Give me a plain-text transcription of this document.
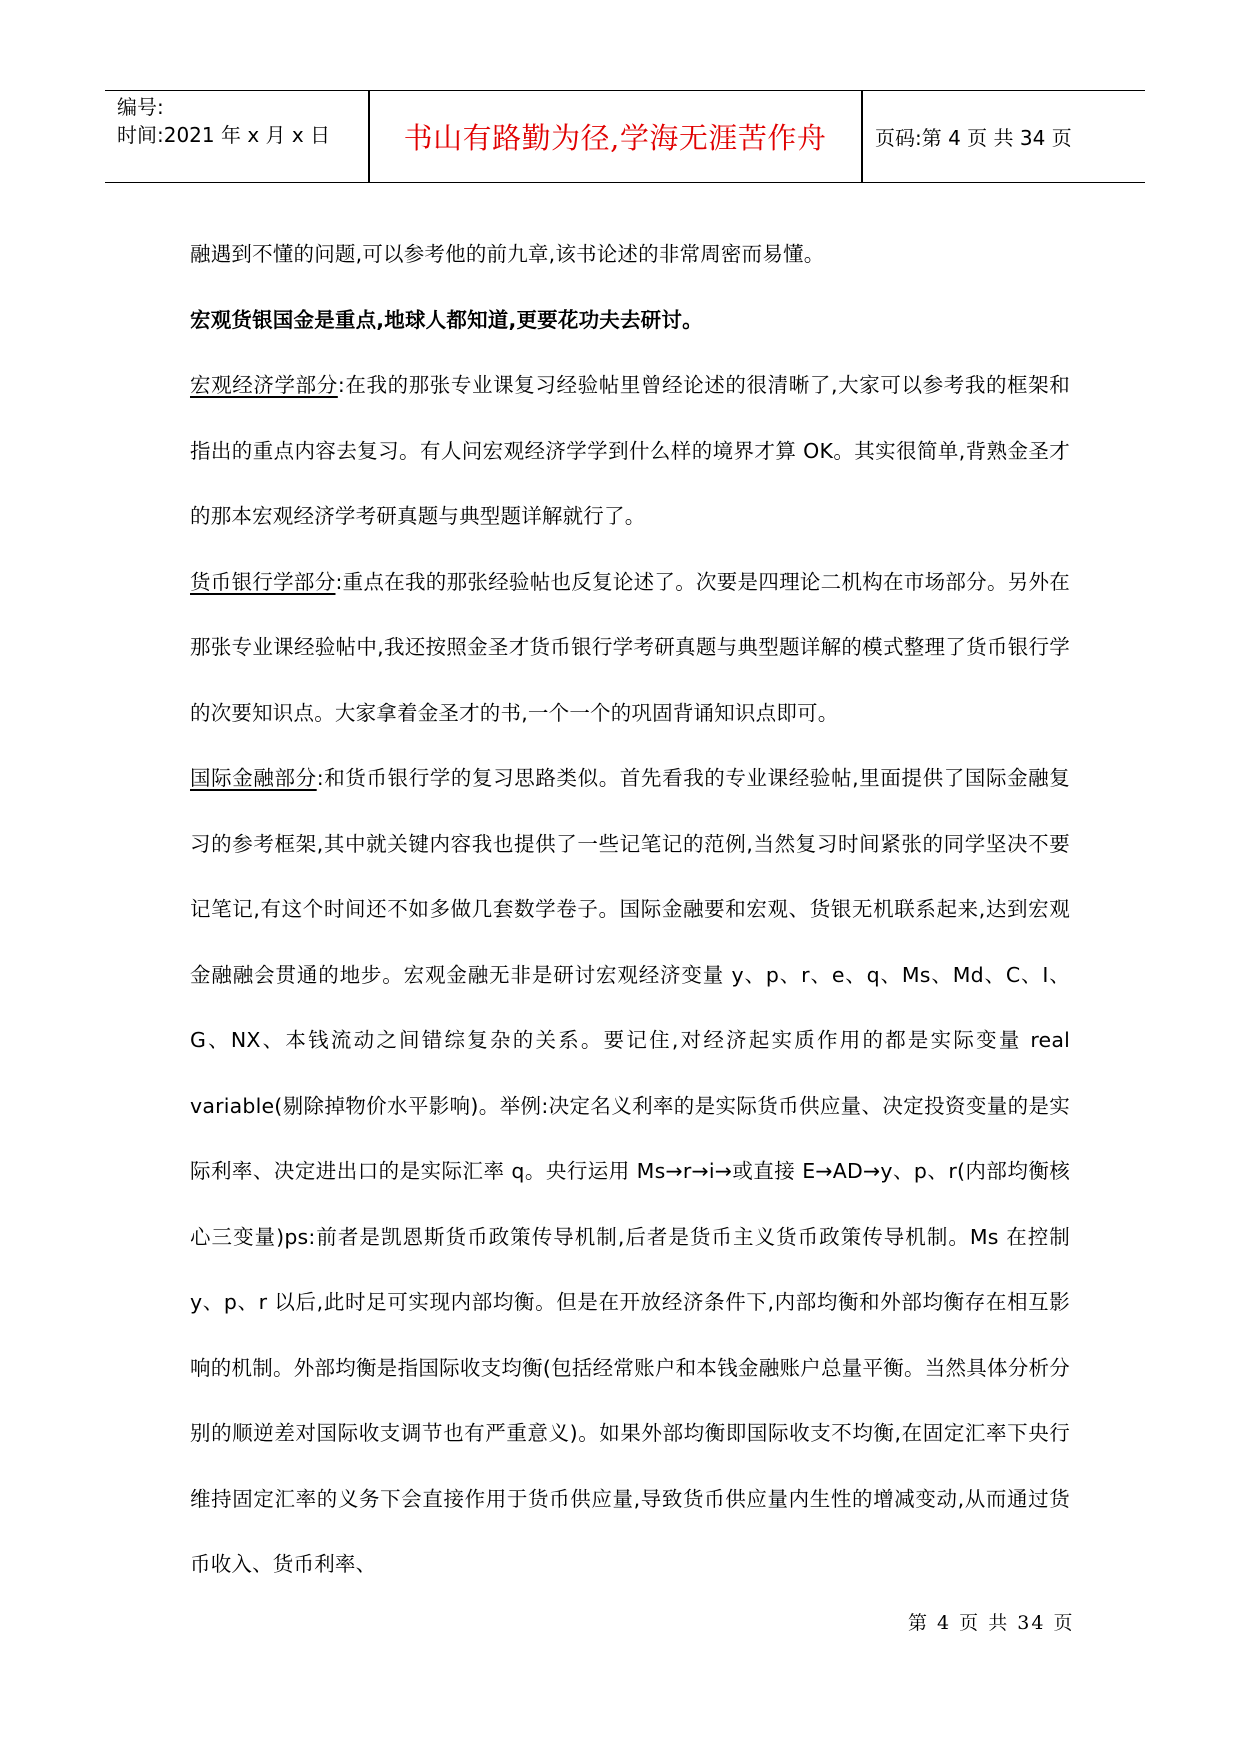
编号:
时间:2021 年 x 月 x 日	书山有路勤为径,学海无涯苦作舟	页码:第 4 页 共 34 页

融遇到不懂的问题,可以参考他的前九章,该书论述的非常周密而易懂。

宏观货银国金是重点,地球人都知道,更要花功夫去研讨。

宏观经济学部分:在我的那张专业课复习经验帖里曾经论述的很清晰了,大家可以参考我的框架和指出的重点内容去复习。有人问宏观经济学学到什么样的境界才算 OK。其实很简单,背熟金圣才的那本宏观经济学考研真题与典型题详解就行了。

货币银行学部分:重点在我的那张经验帖也反复论述了。次要是四理论二机构在市场部分。另外在那张专业课经验帖中,我还按照金圣才货币银行学考研真题与典型题详解的模式整理了货币银行学的次要知识点。大家拿着金圣才的书,一个一个的巩固背诵知识点即可。

国际金融部分:和货币银行学的复习思路类似。首先看我的专业课经验帖,里面提供了国际金融复习的参考框架,其中就关键内容我也提供了一些记笔记的范例,当然复习时间紧张的同学坚决不要记笔记,有这个时间还不如多做几套数学卷子。国际金融要和宏观、货银无机联系起来,达到宏观金融融会贯通的地步。宏观金融无非是研讨宏观经济变量 y、p、r、e、q、Ms、Md、C、I、G、NX、本钱流动之间错综复杂的关系。要记住,对经济起实质作用的都是实际变量 real variable(剔除掉物价水平影响)。举例:决定名义利率的是实际货币供应量、决定投资变量的是实际利率、决定进出口的是实际汇率 q。央行运用 Ms→r→i→或直接 E→AD→y、p、r(内部均衡核心三变量)ps:前者是凯恩斯货币政策传导机制,后者是货币主义货币政策传导机制。Ms 在控制 y、p、r 以后,此时足可实现内部均衡。但是在开放经济条件下,内部均衡和外部均衡存在相互影响的机制。外部均衡是指国际收支均衡(包括经常账户和本钱金融账户总量平衡。当然具体分析分别的顺逆差对国际收支调节也有严重意义)。如果外部均衡即国际收支不均衡,在固定汇率下央行维持固定汇率的义务下会直接作用于货币供应量,导致货币供应量内生性的增减变动,从而通过货币收入、货币利率、

第 4 页 共 34 页
